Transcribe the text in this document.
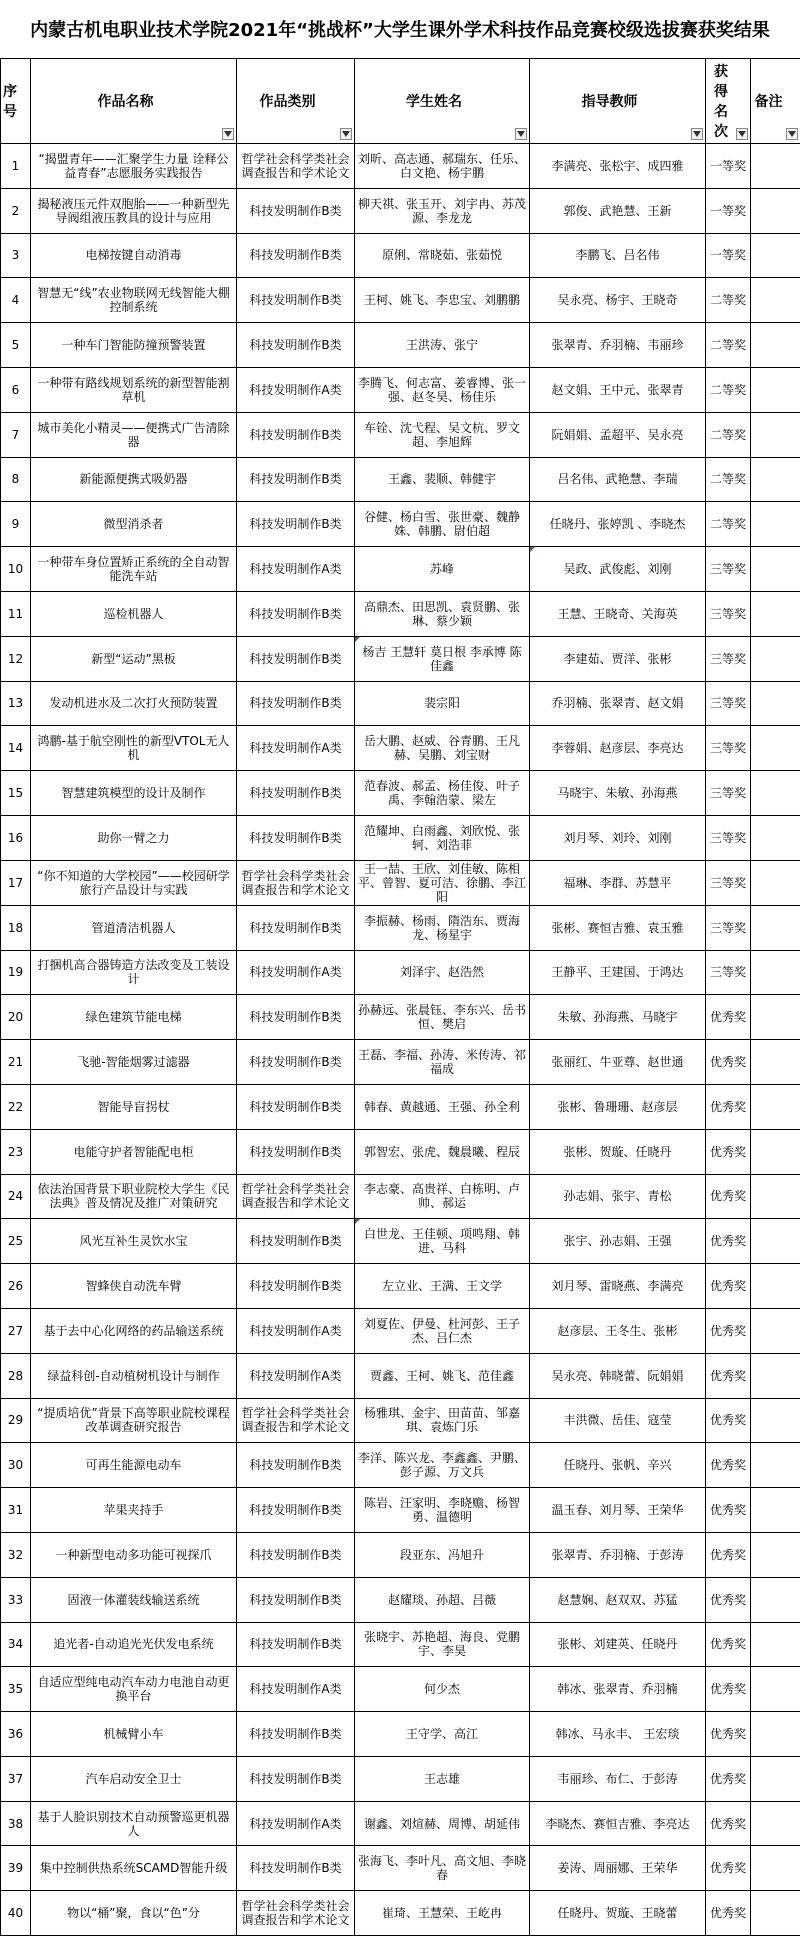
内蒙古机电职业技术学院2021年“挑战杯”大学生课外学术科技作品竞赛校级选拔赛获奖结果
序号	作品名称	作品类别	学生姓名	指导教师	获得名次	备注

1	“揭盟青年——汇聚学生力量 诠释公益青春”志愿服务实践报告	哲学社会科学类社会调查报告和学术论文	刘昕、高志通、郝瑞东、任乐、白文艳、杨宇鹏	李满亮、张松宇、成四雅	一等奖	
2	揭秘液压元件双胞胎——一种新型先导阀组液压教具的设计与应用	科技发明制作B类	柳天祺、张玉开、刘宇冉、苏茂源、李龙龙	郭俊、武艳慧、王新	一等奖	
3	电梯按键自动消毒	科技发明制作B类	原俐、常晓茹、张茹悦	李鹏飞、吕名伟	一等奖	
4	智慧无“线”农业物联网无线智能大棚控制系统	科技发明制作B类	王柯、姚飞、李忠宝、刘鹏鹏	吴永亮、杨宇、王晓奇	二等奖	
5	一种车门智能防撞预警装置	科技发明制作B类	王洪涛、张宁	张翠青、乔羽楠、韦丽珍	二等奖	
6	一种带有路线规划系统的新型智能割草机	科技发明制作A类	李腾飞、何志富、姜睿博、张一强、赵冬昊、杨佳乐	赵文娟、王中元、张翠青	二等奖	
7	城市美化小精灵——便携式广告清除器	科技发明制作B类	车铨、沈弋程、吴文杭、罗文超、李旭辉	阮娟娟、孟超平、吴永亮	二等奖	
8	新能源便携式吸奶器	科技发明制作B类	王鑫、裴顺、韩健宇	吕名伟、武艳慧、李瑞	二等奖	
9	微型消杀者	科技发明制作B类	谷健、杨白雪、张世豪、魏静姝、韩鹏、尉伯超	任晓丹、张婷凯 、李晓杰	二等奖	
10	一种带车身位置矫正系统的全自动智能洗车站	科技发明制作A类	苏峰	吴政、武俊彪、刘刚	三等奖	
11	巡检机器人	科技发明制作B类	高鼎杰、田思凯、袁贤鹏、张琳、蔡少颖	王慧、王晓奇、关海英	三等奖	
12	新型“运动”黑板	科技发明制作B类	杨吉 王慧轩 莫日根 李承博 陈佳鑫	李建茹、贾洋、张彬	三等奖	
13	发动机进水及二次打火预防装置	科技发明制作B类	裴宗阳	乔羽楠、张翠青、赵文娟	三等奖	
14	鸿鹏-基于航空刚性的新型VTOL无人机	科技发明制作A类	岳大鹏、赵威、谷青鹏、王凡赫、吴鹏、刘宝财	李蓉娟、赵彦层、李亮达	三等奖	
15	智慧建筑模型的设计及制作	科技发明制作B类	范春波、郝孟、杨佳俊、叶子禹、李翰浩蒙、梁左	马晓宇、朱敏、孙海燕	三等奖	
16	助你一臂之力	科技发明制作B类	范耀坤、白雨鑫、刘欣悦、张轲、刘浩菲	刘月琴、刘玲、刘刚	三等奖	
17	“你不知道的大学校园”——校园研学旅行产品设计与实践	哲学社会科学类社会调查报告和学术论文	王一喆、王欣、刘佳敏、陈相平、曾智、夏可洁、徐鹏、李江阳	福琳、李群、苏慧平	三等奖	
18	管道清洁机器人	科技发明制作B类	李振赫、杨雨、隋浩东、贾海龙、杨星宇	张彬、赛恒吉雅、袁玉雅	三等奖	
19	打捆机高合器铸造方法改变及工装设计	科技发明制作A类	刘泽宇、赵浩然	王静平、王建国、于鸿达	三等奖	
20	绿色建筑节能电梯	科技发明制作B类	孙赫远、张晨钰、李东兴、岳书恒、樊启	朱敏、孙海燕、马晓宇	优秀奖	
21	飞驰-智能烟雾过滤器	科技发明制作B类	王磊、李福、孙涛、米传涛、祁福成	张丽红、牛亚尊、赵世通	优秀奖	
22	智能导盲拐杖	科技发明制作B类	韩春、黄越通、王强、孙全利	张彬、鲁珊珊、赵彦层	优秀奖	
23	电能守护者智能配电柜	科技发明制作B类	郭智宏、张虎、魏晨曦、程辰	张彬、贺璇、任晓丹	优秀奖	
24	依法治国背景下职业院校大学生《民法典》普及情况及推广对策研究	哲学社会科学类社会调查报告和学术论文	李志豪、高贵祥、白栋明、卢帅、郝运	孙志娟、张宇、青松	优秀奖	
25	风光互补生灵饮水宝	科技发明制作B类	白世龙、王佳顿、项鸣翔、韩进、马科	张宇、孙志娟、王强	优秀奖	
26	智蜂侠自动洗车臂	科技发明制作B类	左立业、王满、王文学	刘月琴、雷晓燕、李满亮	优秀奖	
27	基于去中心化网络的药品输送系统	科技发明制作A类	刘夏佐、伊曼、杜河彭、王子杰、吕仁杰	赵彦层、王冬生、张彬	优秀奖	
28	绿益科创-自动植树机设计与制作	科技发明制作A类	贾鑫、王柯、姚飞、范佳鑫	吴永亮、韩晓蕾、阮娟娟	优秀奖	
29	“提质培优”背景下高等职业院校课程改革调查研究报告	哲学社会科学类社会调查报告和学术论文	杨雅琪、金宇、田苗苗、邹嘉琪、袁炼门乐	丰洪微、岳佳、寇莹	优秀奖	
30	可再生能源电动车	科技发明制作B类	李洋、陈兴龙、李鑫鑫、尹鹏、彭子源、万文兵	任晓丹、张帆、辛兴	优秀奖	
31	苹果夹持手	科技发明制作B类	陈岩、汪家明、李晓赡、杨智勇、温德明	温玉春、刘月琴、王荣华	优秀奖	
32	一种新型电动多功能可视探爪	科技发明制作B类	段亚东、冯旭升	张翠青、乔羽楠、于彭涛	优秀奖	
33	固液一体灌装线输送系统	科技发明制作B类	赵耀琰、孙超、吕薇	赵慧娴、赵双双、苏猛	优秀奖	
34	追光者-自动追光光伏发电系统	科技发明制作B类	张晓宇、苏艳超、海良、党鹏宇、李昊	张彬、刘建英、任晓丹	优秀奖	
35	自适应型纯电动汽车动力电池自动更换平台	科技发明制作A类	何少杰	韩冰、张翠青、乔羽楠	优秀奖	
36	机械臂小车	科技发明制作B类	王守学、高江	韩冰、马永丰、 王宏琰	优秀奖	
37	汽车启动安全卫士	科技发明制作B类	王志雄	韦丽珍、布仁、于彭涛	优秀奖	
38	基于人脸识别技术自动预警巡更机器人	科技发明制作A类	谢鑫、刘煊赫、周博、胡延伟	李晓杰、赛恒吉雅、李亮达	优秀奖	
39	集中控制供热系统SCAMD智能升级	科技发明制作B类	张海飞、李叶凡、高文旭、李晓春	姜涛、周丽娜、王荣华	优秀奖	
40	物以“桶”聚，食以“色”分	哲学社会科学类社会调查报告和学术论文	崔琦、王慧荣、王屹冉	任晓丹、贺璇、王晓蕾	优秀奖	
